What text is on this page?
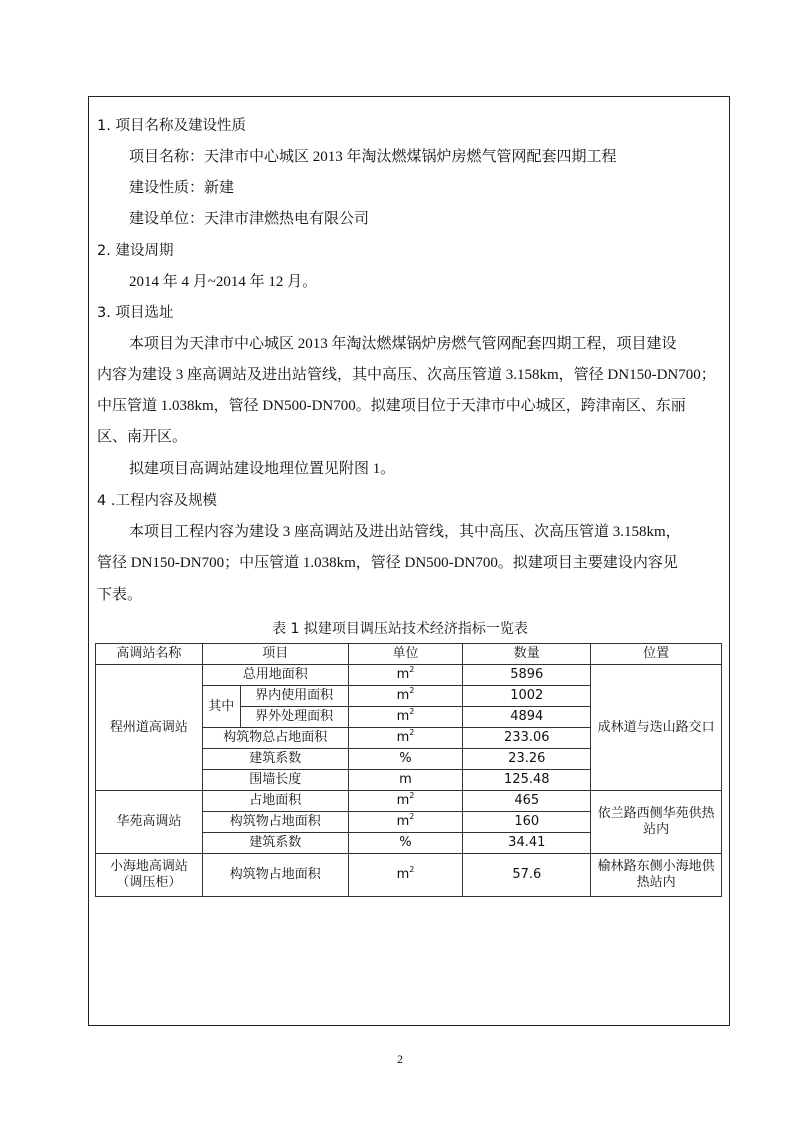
1. 项目名称及建设性质
项目名称：天津市中心城区 2013 年淘汰燃煤锅炉房燃气管网配套四期工程
建设性质：新建
建设单位：天津市津燃热电有限公司
2. 建设周期
2014 年 4 月~2014 年 12 月。
3. 项目选址
本项目为天津市中心城区 2013 年淘汰燃煤锅炉房燃气管网配套四期工程，项目建设
内容为建设 3 座高调站及进出站管线，其中高压、次高压管道 3.158km，管径 DN150-DN700；
中压管道 1.038km，管径 DN500-DN700。拟建项目位于天津市中心城区，跨津南区、东丽
区、南开区。
拟建项目高调站建设地理位置见附图 1。
4 .工程内容及规模
本项目工程内容为建设 3 座高调站及进出站管线，其中高压、次高压管道 3.158km，
管径 DN150-DN700；中压管道 1.038km，管径 DN500-DN700。拟建项目主要建设内容见
下表。
表 1 拟建项目调压站技术经济指标一览表
高调站名称	项目		单位	数量	位置
程州道高调站	总用地面积		$m^2$	5896	成林道与迭山路交口
	其中	界内使用面积	$m^2$	1002	
		界外处理面积	$m^2$	4894	
	构筑物总占地面积		$m^2$	233.06	
	建筑系数		%	23.26	
	围墙长度		m	125.48	
华苑高调站	占地面积		$m^2$	465	依兰路西侧华苑供热站内
	构筑物占地面积		$m^2$	160	
	建筑系数		%	34.41	
小海地高调站（调压柜）	构筑物占地面积		$m^2$	57.6	榆林路东侧小海地供热站内
2
